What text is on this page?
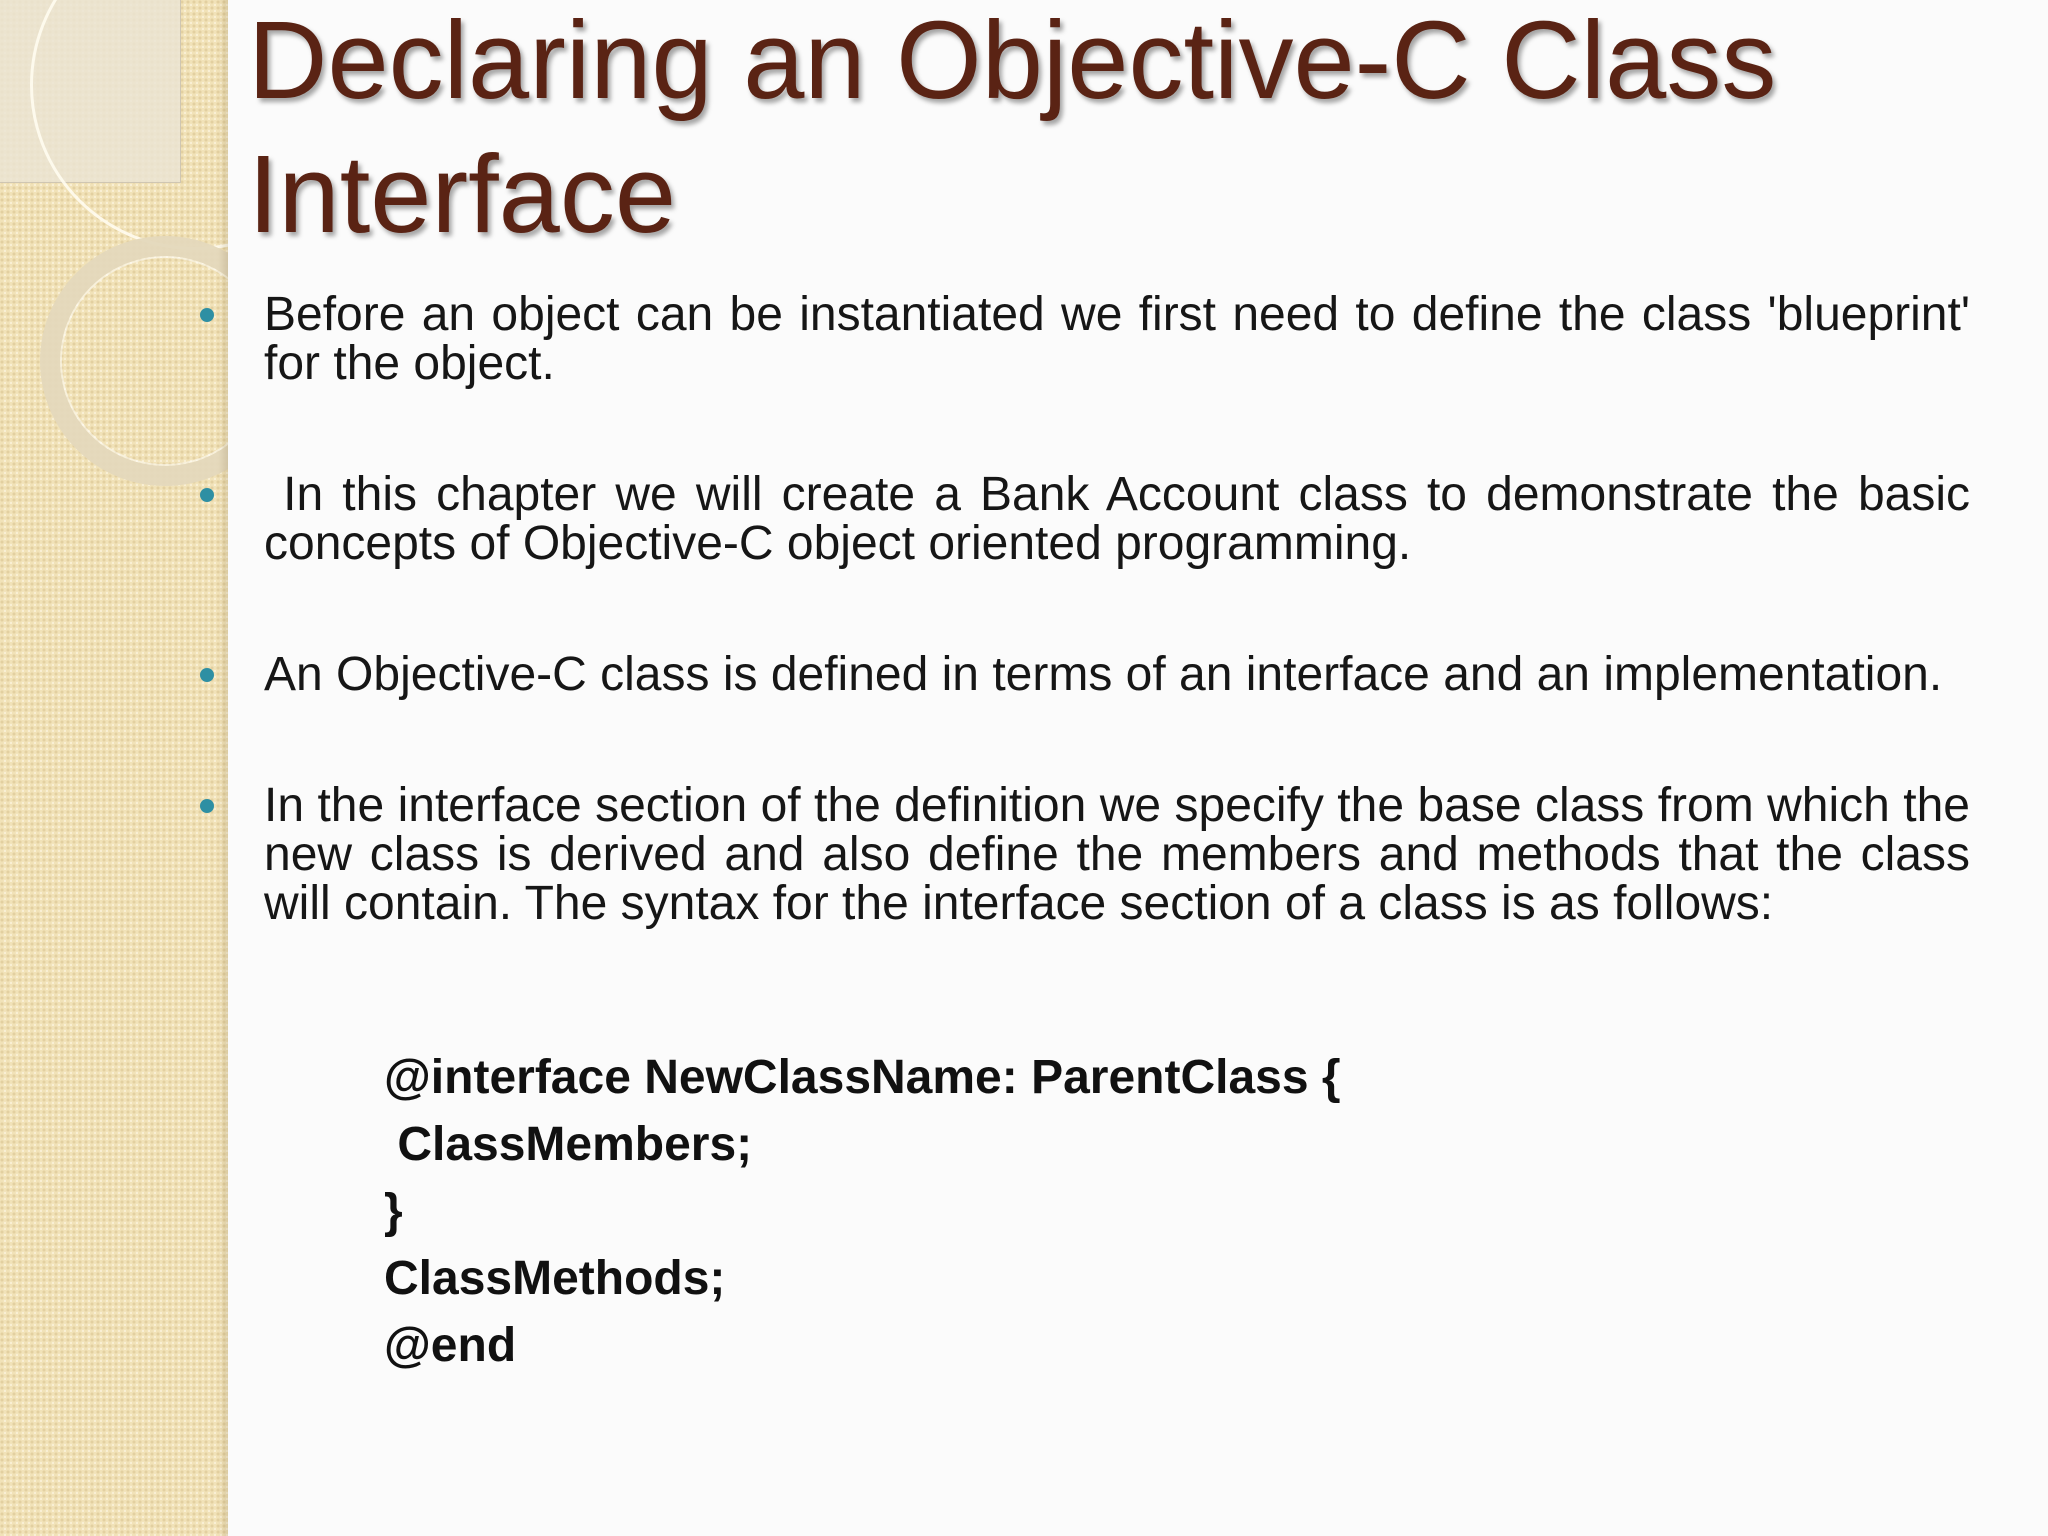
Declaring an Objective-C Class Interface
Before an object can be instantiated we first need to define the class 'blueprint' for the object.
In this chapter we will create a Bank Account class to demonstrate the basic concepts of Objective-C object oriented programming.
An Objective-C class is defined in terms of an interface and an implementation.
In the interface section of the definition we specify the base class from which the new class is derived and also define the members and methods that the class will contain. The syntax for the interface section of a class is as follows:
@interface NewClassName: ParentClass {
ClassMembers;
}
ClassMethods;
@end
